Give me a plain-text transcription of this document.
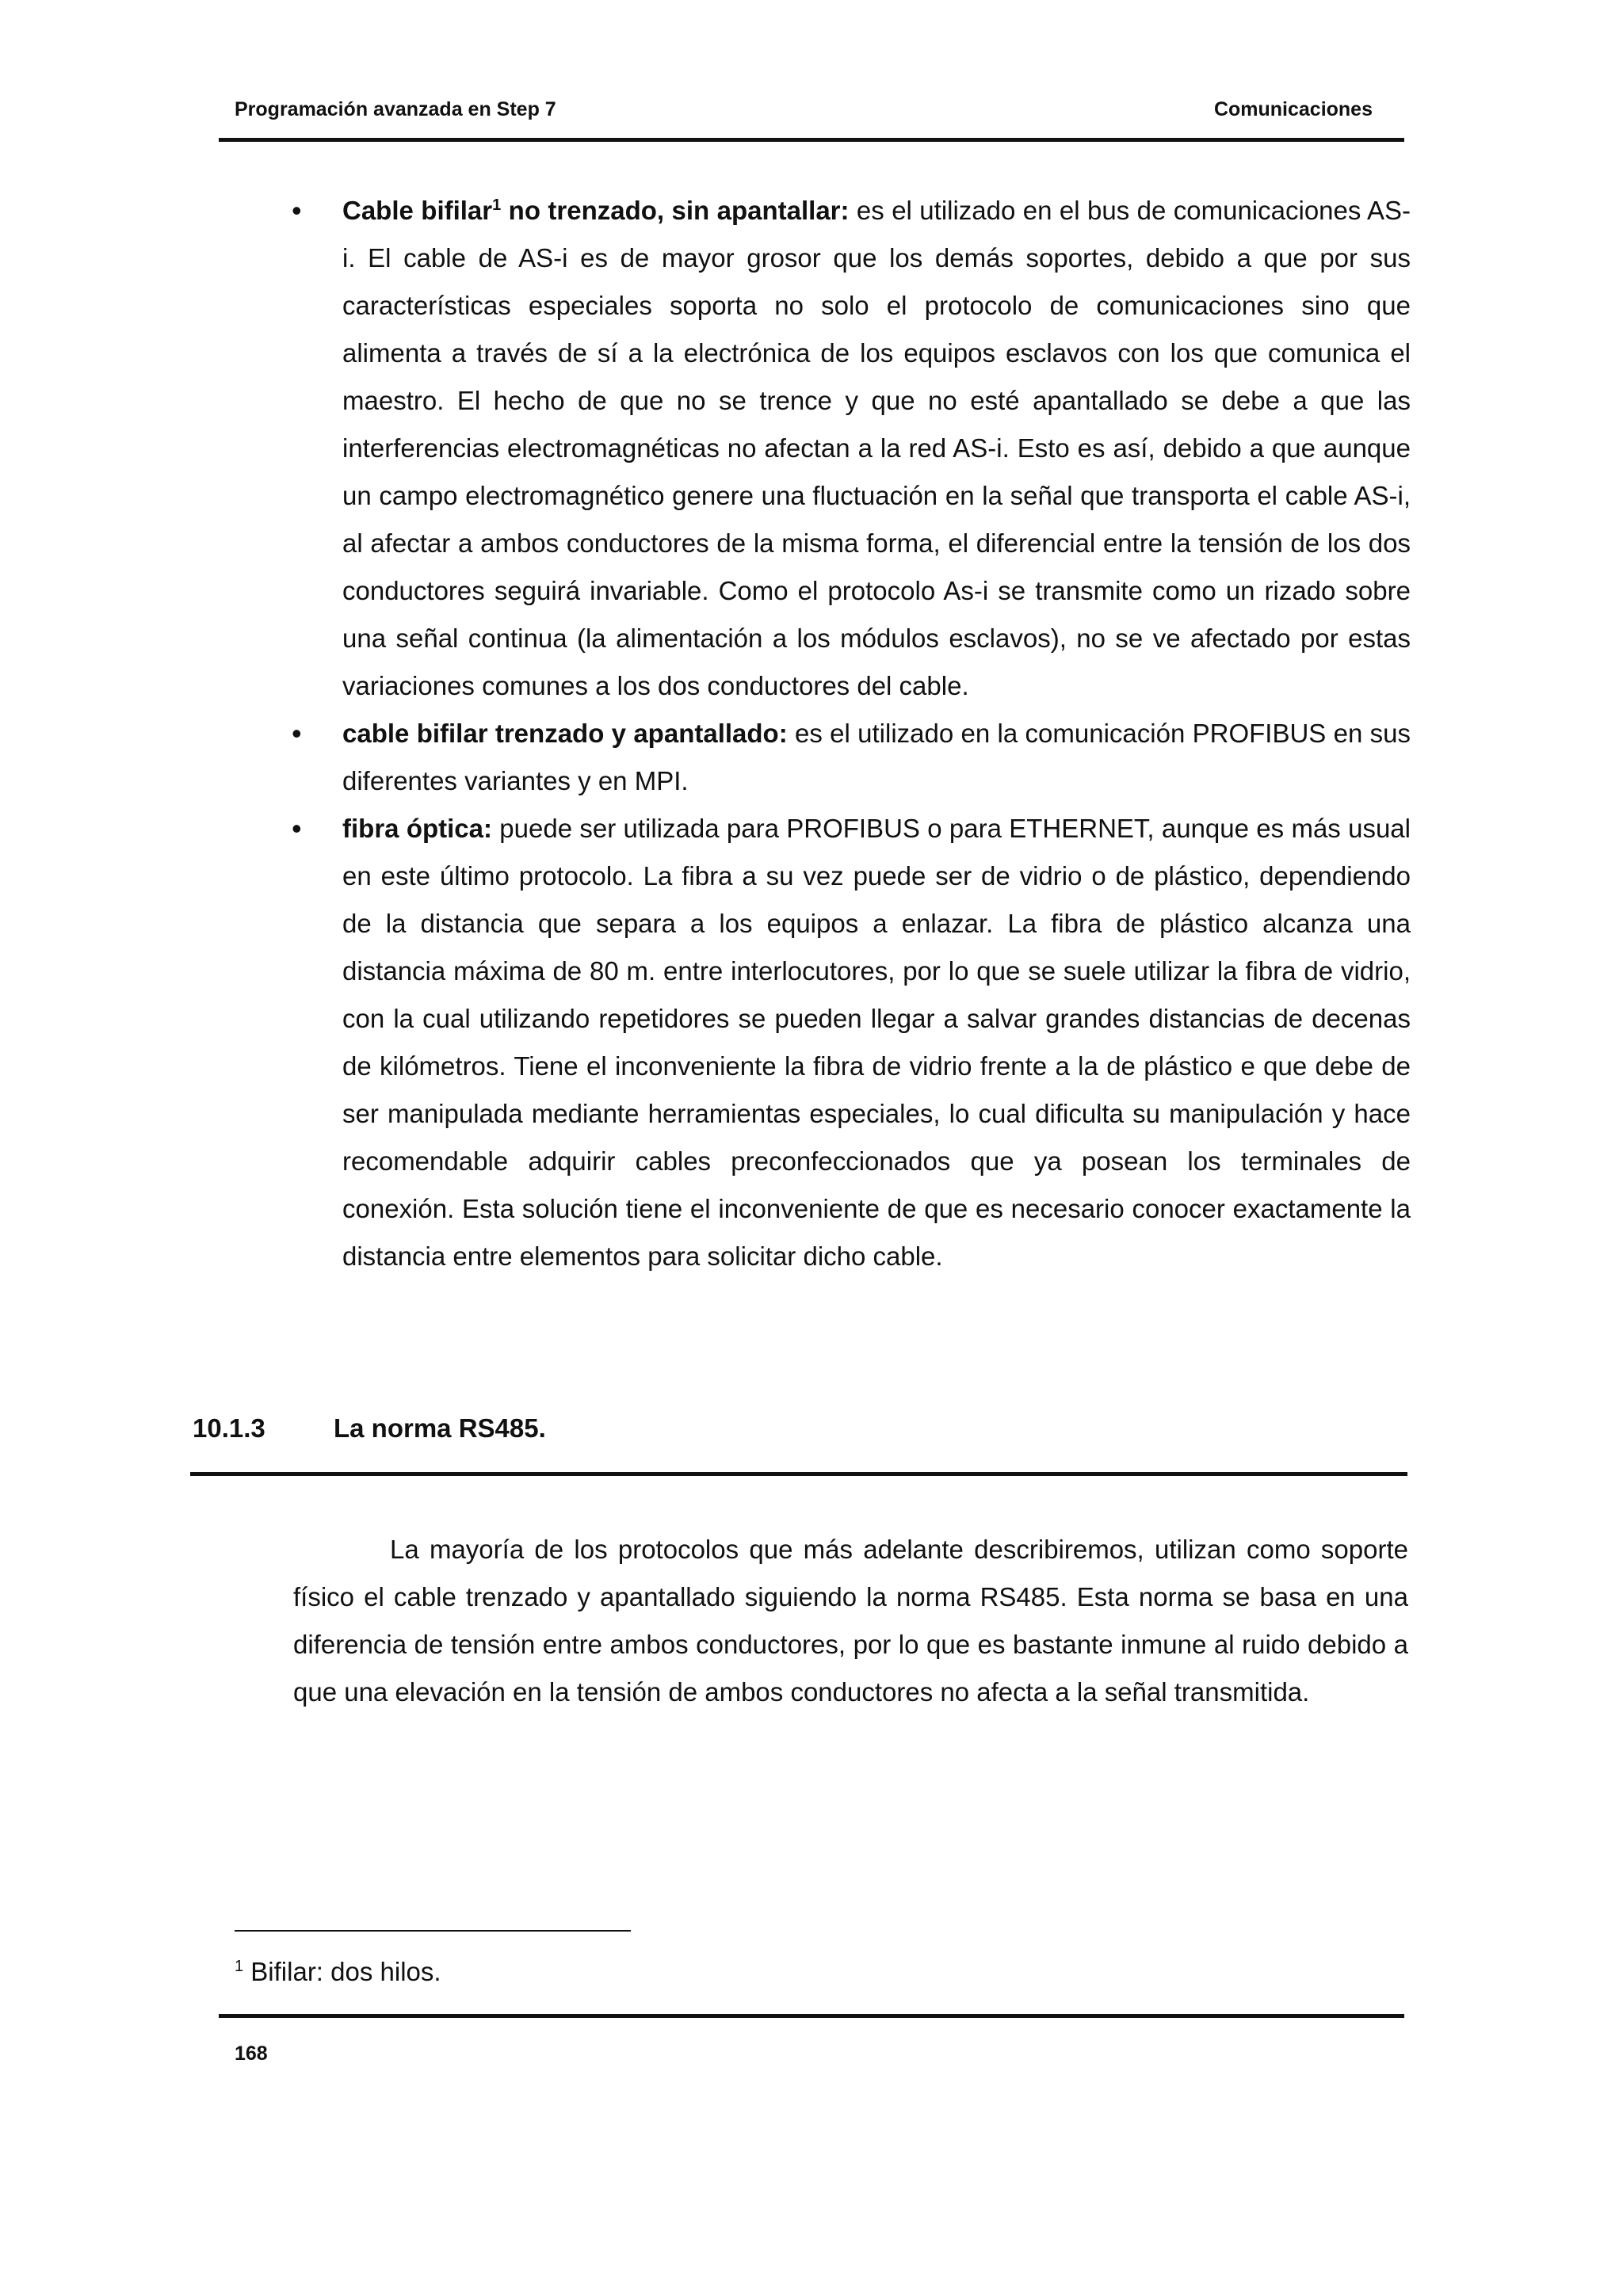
Programación avanzada en Step 7	Comunicaciones
• Cable bifilar$^1$ no trenzado, sin apantallar: es el utilizado en el bus de comunicaciones AS-i. El cable de AS-i es de mayor grosor que los demás soportes, debido a que por sus características especiales soporta no solo el protocolo de comunicaciones sino que alimenta a través de sí a la electrónica de los equipos esclavos con los que comunica el maestro. El hecho de que no se trence y que no esté apantallado se debe a que las interferencias electromagnéticas no afectan a la red AS-i. Esto es así, debido a que aunque un campo electromagnético genere una fluctuación en la señal que transporta el cable AS-i, al afectar a ambos conductores de la misma forma, el diferencial entre la tensión de los dos conductores seguirá invariable. Como el protocolo As-i se transmite como un rizado sobre una señal continua (la alimentación a los módulos esclavos), no se ve afectado por estas variaciones comunes a los dos conductores del cable.
• cable bifilar trenzado y apantallado: es el utilizado en la comunicación PROFIBUS en sus diferentes variantes y en MPI.
• fibra óptica: puede ser utilizada para PROFIBUS o para ETHERNET, aunque es más usual en este último protocolo. La fibra a su vez puede ser de vidrio o de plástico, dependiendo de la distancia que separa a los equipos a enlazar. La fibra de plástico alcanza una distancia máxima de 80 m. entre interlocutores, por lo que se suele utilizar la fibra de vidrio, con la cual utilizando repetidores se pueden llegar a salvar grandes distancias de decenas de kilómetros. Tiene el inconveniente la fibra de vidrio frente a la de plástico e que debe de ser manipulada mediante herramientas especiales, lo cual dificulta su manipulación y hace recomendable adquirir cables preconfeccionados que ya posean los terminales de conexión. Esta solución tiene el inconveniente de que es necesario conocer exactamente la distancia entre elementos para solicitar dicho cable.
10.1.3	La norma RS485.

La mayoría de los protocolos que más adelante describiremos, utilizan como soporte físico el cable trenzado y apantallado siguiendo la norma RS485. Esta norma se basa en una diferencia de tensión entre ambos conductores, por lo que es bastante inmune al ruido debido a que una elevación en la tensión de ambos conductores no afecta a la señal transmitida.

$^1$ Bifilar: dos hilos.
168
